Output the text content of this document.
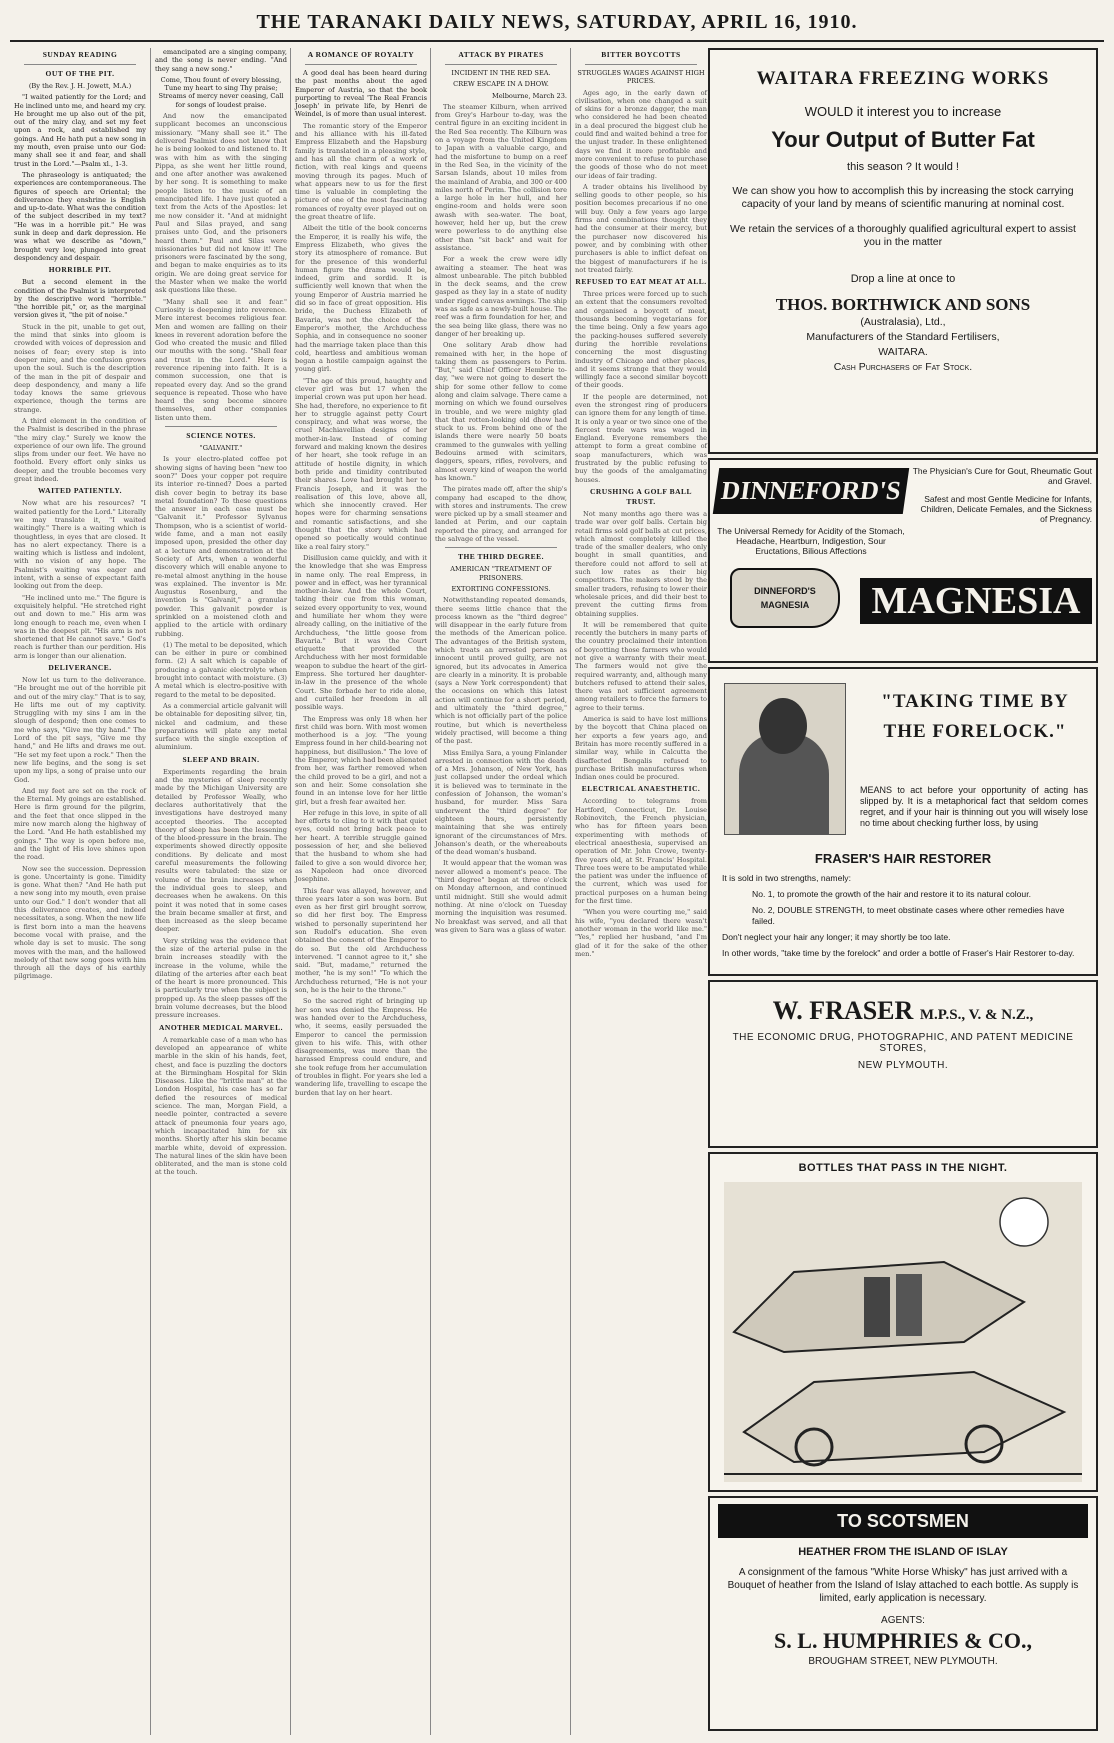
THE TARANAKI DAILY NEWS, SATURDAY, APRIL 16, 1910.
SUNDAY READING
OUT OF THE PIT.
(By the Rev. J. H. Jowett, M.A.)

"I waited patiently for the Lord; and He inclined unto me, and heard my cry. He brought me up also out of the pit, out of the miry clay, and set my feet upon a rock, and established my goings. And He hath put a new song in my mouth, even praise unto our God: many shall see it and fear, and shall trust in the Lord."—Psalm xl., 1-3.

The phraseology is antiquated; the experiences are contemporaneous. The figures of speech are Oriental; the deliverance they enshrine is English and up-to-date. What was the condition of the subject described in my text? "He was in a horrible pit." He was sunk in deep and dark depression. He was what we describe as "down," brought very low, plunged into great despondency and despair.

HORRIBLE PIT.

But a second element in the condition of the Psalmist is interpreted by the descriptive word "horrible." "the horrible pit," or, as the marginal version gives it, "the pit of noise."

Stuck in the pit, unable to get out, the mind that sinks into gloom is crowded with voices of depression and noises of fear; every step is into deeper mire, and the confusion grows upon the soul. Such is the description of the man in the pit of despair and deep despondency, and many a life today knows the same grievous experience, though the terms are strange.

A third element in the condition of the Psalmist is described in the phrase "the miry clay." Surely we know the experience of our own life. The ground slips from under our feet. We have no foothold. Every effort only sinks us deeper, and the trouble becomes very great indeed.

WAITED PATIENTLY.

Now what are his resources? "I waited patiently for the Lord." Literally we may translate it, "I waited waitingly." There is a waiting which is thoughtless, in eyes that are closed. It has no alert expectancy. There is a waiting which is listless and indolent, with no vision of any hope. The Psalmist's waiting was eager and intent, with a sense of expectant faith looking out from the deep.

"He inclined unto me." The figure is exquisitely helpful. "He stretched right out and down to me." His arm was long enough to reach me, even when I was in the deepest pit. "His arm is not shortened that He cannot save." God's reach is further than our perdition. His arm is longer than our alienation.

DELIVERANCE.

Now let us turn to the deliverance. "He brought me out of the horrible pit and out of the miry clay." That is to say, He lifts me out of my captivity. Struggling with my sins I am in the slough of despond; then one comes to me who says, "Give me thy hand." The Lord of the pit says, "Give me thy hand," and He lifts and draws me out. "He set my feet upon a rock." Then the new life begins, and the song is set upon my lips, a song of praise unto our God.

And my feet are set on the rock of the Eternal. My goings are established. Here is firm ground for the pilgrim, and the feet that once slipped in the mire now march along the highway of the Lord. "And He hath established my goings." The way is open before me, and the light of His love shines upon the road.

Now see the succession. Depression is gone. Uncertainty is gone. Timidity is gone. What then? "And He hath put a new song into my mouth, even praise unto our God." I don't wonder that all this deliverance creates, and indeed necessitates, a song. When the new life is first born into a man the heavens become vocal with praise, and the whole day is set to music. The song moves with the man, and the hallowed melody of that new song goes with him through all the days of his earthly pilgrimage.

emancipated are a singing company, and the song is never ending. "And they sang a new song."

Come, Thou fount of every blessing, Tune my heart to sing Thy praise; Streams of mercy never ceasing, Call for songs of loudest praise.

And now the emancipated supplicant becomes an unconscious missionary. "Many shall see it." The delivered Psalmist does not know that he is being looked to and listened to. It was with him as with the singing Pippa, as she went her little round, and one after another was awakened by her song. It is something to make people listen to the music of an emancipated life. I have just quoted a text from the Acts of the Apostles: let me now consider it. "And at midnight Paul and Silas prayed, and sang praises unto God, and the prisoners heard them." Paul and Silas were missionaries but did not know it! The prisoners were fascinated by the song, and began to make enquiries as to its origin. We are doing great service for the Master when we make the world ask questions like these.

"Many shall see it and fear." Curiosity is deepening into reverence. Mere interest becomes religious fear. Men and women are falling on their knees in reverent adoration before the God who created the music and filled our mouths with the song. "Shall fear and trust in the Lord." Here is reverence ripening into faith. It is a common succession, one that is repeated every day. And so the grand sequence is repeated. Those who have heard the song become sincere themselves, and other companies listen unto them.

SCIENCE NOTES.
"GALVANIT."

Is your electro-plated coffee pot showing signs of having been "new too soon?" Does your copper pot require its interior re-tinned? Does a parted dish cover begin to betray its base metal foundation? To these questions the answer in each case must be "Galvanit it." Professor Sylvanus Thompson, who is a scientist of world-wide fame, and a man not easily imposed upon, presided the other day at a lecture and demonstration at the Society of Arts, when a wonderful discovery which will enable anyone to re-metal almost anything in the house was explained. The inventor is Mr. Augustus Rosenburg, and the invention is "Galvanit," a granular powder. This galvanit powder is sprinkled on a moistened cloth and applied to the article with ordinary rubbing.

(1) The metal to be deposited, which can be either in pure or combined form. (2) A salt which is capable of producing a galvanic electrolyte when brought into contact with moisture. (3) A metal which is electro-positive with regard to the metal to be deposited.

As a commercial article galvanit will be obtainable for depositing silver, tin, nickel and cadmium, and these preparations will plate any metal surface with the single exception of aluminium.

SLEEP AND BRAIN.

Experiments regarding the brain and the mysteries of sleep recently made by the Michigan University are detailed by Professor Weally, who declares authoritatively that the investigations have destroyed many accepted theories. The accepted theory of sleep has been the lessening of the blood-pressure in the brain. The experiments showed directly opposite conditions. By delicate and most careful measurements the following results were tabulated: the size or volume of the brain increases when the individual goes to sleep, and decreases when he awakens. On this point it was noted that in some cases the brain became smaller at first, and then increased as the sleep became deeper.

Very striking was the evidence that the size of the arterial pulse in the brain increases steadily with the increase in the volume, while the dilating of the arteries after each beat of the heart is more pronounced. This is particularly true when the subject is propped up. As the sleep passes off the brain volume decreases, but the blood pressure increases.

ANOTHER MEDICAL MARVEL.

A remarkable case of a man who has developed an appearance of white marble in the skin of his hands, feet, chest, and face is puzzling the doctors at the Birmingham Hospital for Skin Diseases. Like the "brittle man" at the London Hospital, his case has so far defied the resources of medical science. The man, Morgan Field, a needle pointer, contracted a severe attack of pneumonia four years ago, which incapacitated him for six months. Shortly after his skin became marble white, devoid of expression. The natural lines of the skin have been obliterated, and the man is stone cold at the touch.

A ROMANCE OF ROYALTY

A good deal has been heard during the past months about the aged Emperor of Austria, so that the book purporting to reveal 'The Real Francis Joseph' in private life, by Henri de Weindel, is of more than usual interest.

The romantic story of the Emperor and his alliance with his ill-fated Empress Elizabeth and the Hapsburg family is translated in a pleasing style, and has all the charm of a work of fiction, with real kings and queens moving through its pages. Much of what appears new to us for the first time is valuable in completing the picture of one of the most fascinating romances of royalty ever played out on the great theatre of life.

Albeit the title of the book concerns the Emperor, it is really his wife, the Empress Elizabeth, who gives the story its atmosphere of romance. But for the presence of this wonderful human figure the drama would be, indeed, grim and sordid. It is sufficiently well known that when the young Emperor of Austria married he did so in face of great opposition. His bride, the Duchess Elizabeth of Bavaria, was not the choice of the Emperor's mother, the Archduchess Sophia, and in consequence no sooner had the marriage taken place than this cold, heartless and ambitious woman began a hostile campaign against the young girl.

"The age of this proud, haughty and clever girl was but 17 when the imperial crown was put upon her head. She had, therefore, no experience to fit her to struggle against petty Court conspiracy, and what was worse, the cruel Machiavellian designs of her mother-in-law. Instead of coming forward and making known the desires of her heart, she took refuge in an attitude of hostile dignity, in which both pride and timidity contributed their shares. Love had brought her to Francis Joseph, and it was the realisation of this love, above all, which she innocently craved. Her hopes were for charming sensations and romantic satisfactions, and she thought that the story which had opened so poetically would continue like a real fairy story."

Disillusion came quickly, and with it the knowledge that she was Empress in name only. The real Empress, in power and in effect, was her tyrannical mother-in-law. And the whole Court, taking their cue from this woman, seized every opportunity to vex, wound and humiliate her whom they were already calling, on the initiative of the Archduchess, "the little goose from Bavaria." But it was the Court etiquette that provided the Archduchess with her most formidable weapon to subdue the heart of the girl-Empress. She tortured her daughter-in-law in the presence of the whole Court. She forbade her to ride alone, and curtailed her freedom in all possible ways.

The Empress was only 18 when her first child was born. With most women motherhood is a joy. "The young Empress found in her child-bearing not happiness, but disillusion." The love of the Emperor, which had been alienated from her, was farther removed when the child proved to be a girl, and not a son and heir. Some consolation she found in an intense love for her little girl, but a fresh fear awaited her.

Her refuge in this love, in spite of all her efforts to cling to it with that quiet eyes, could not bring back peace to her heart. A terrible struggle gained possession of her, and she believed that the husband to whom she had failed to give a son would divorce her, as Napoleon had once divorced Josephine.

This fear was allayed, however, and three years later a son was born. But even as her first girl brought sorrow, so did her first boy. The Empress wished to personally superintend her son Rudolf's education. She even obtained the consent of the Emperor to do so. But the old Archduchess intervened. "I cannot agree to it," she said. "But, madame," returned the mother, "he is my son!" "To which the Archduchess returned, "He is not your son, he is the heir to the throne."

So the sacred right of bringing up her son was denied the Empress. He was handed over to the Archduchess, who, it seems, easily persuaded the Emperor to cancel the permission given to his wife. This, with other disagreements, was more than the harassed Empress could endure, and she took refuge from her accumulation of troubles in flight. For years she led a wandering life, travelling to escape the burden that lay on her heart.

ATTACK BY PIRATES
INCIDENT IN THE RED SEA.
CREW ESCAPE IN A DHOW.
Melbourne, March 23.

The steamer Kilburn, when arrived from Grey's Harbour to-day, was the central figure in an exciting incident in the Red Sea recently. The Kilburn was on a voyage from the United Kingdom to Japan with a valuable cargo, and had the misfortune to bump on a reef in the Red Sea, in the vicinity of the Sarsan Islands, about 10 miles from the mainland of Arabia, and 300 or 400 miles north of Perim. The collision tore a large hole in her hull, and her engine-room and holds were soon awash with sea-water. The boat, however, held her up, but the crew were powerless to do anything else other than "sit back" and wait for assistance.

For a week the crew were idly awaiting a steamer. The heat was almost unbearable. The pitch bubbled in the deck seams, and the crew gasped as they lay in a state of nudity under rigged canvas awnings. The ship was as safe as a newly-built house. The reef was a firm foundation for her, and the sea being like glass, there was no danger of her breaking up.

One solitary Arab dhow had remained with her, in the hope of taking them as passengers to Perim. "But," said Chief Officer Hembrie to-day, "we were not going to desert the ship for some other fellow to come along and claim salvage. There came a morning on which we found ourselves in trouble, and we were mighty glad that that rotten-looking old dhow had stuck to us. From behind one of the islands there were nearly 50 boats crammed to the gunwales with yelling Bedouins armed with scimitars, daggers, spears, rifles, revolvers, and almost every kind of weapon the world has known."

The pirates made off, after the ship's company had escaped to the dhow, with stores and instruments. The crew were picked up by a small steamer and landed at Perim, and our captain reported the piracy, and arranged for the salvage of the vessel.

THE THIRD DEGREE.
AMERICAN "TREATMENT OF PRISONERS.
EXTORTING CONFESSIONS.

Notwithstanding repeated demands, there seems little chance that the process known as the "third degree" will disappear in the early future from the methods of the American police. The advantages of the British system, which treats an arrested person as innocent until proved guilty, are not ignored, but its advocates in America are clearly in a minority. It is probable (says a New York correspondent) that the occasions on which this latest action will continue for a short period, and ultimately the "third degree," which is not officially part of the police routine, but which is nevertheless widely practised, will become a thing of the past.

Miss Emilya Sara, a young Finlander arrested in connection with the death of a Mrs. Johanson, of New York, has just collapsed under the ordeal which it is believed was to terminate in the confession of Johanson, the woman's husband, for murder. Miss Sara underwent the "third degree" for eighteen hours, persistently maintaining that she was entirely ignorant of the circumstances of Mrs. Johanson's death, or the whereabouts of the dead woman's husband.

It would appear that the woman was never allowed a moment's peace. The "third degree" began at three o'clock on Monday afternoon, and continued until midnight. Still she would admit nothing. At nine o'clock on Tuesday morning the inquisition was resumed. No breakfast was served, and all that was given to Sara was a glass of water.

BITTER BOYCOTTS
STRUGGLES WAGES AGAINST HIGH PRICES.

Ages ago, in the early dawn of civilisation, when one changed a suit of skins for a bronze dagger, the man who considered he had been cheated in a deal procured the biggest club he could find and waited behind a tree for the unjust trader. In these enlightened days we find it more profitable and more convenient to refuse to purchase the goods of those who do not meet our ideas of fair trading.

A trader obtains his livelihood by selling goods to other people, so his position becomes precarious if no one will buy. Only a few years ago large firms and combinations thought they had the consumer at their mercy, but the purchaser now discovered his power, and by combining with other purchasers is able to inflict defeat on the biggest of manufacturers if he is not treated fairly.

REFUSED TO EAT MEAT AT ALL.

Three prices were forced up to such an extent that the consumers revolted and organised a boycott of meat, thousands becoming vegetarians for the time being. Only a few years ago the packing-houses suffered severely during the horrible revelations concerning the most disgusting industry of Chicago and other places, and it seems strange that they would willingly face a second similar boycott of their goods.

If the people are determined, not even the strongest ring of producers can ignore them for any length of time. It is only a year or two since one of the fiercest trade wars was waged in England. Everyone remembers the attempt to form a great combine of soap manufacturers, which was frustrated by the public refusing to buy the goods of the amalgamating houses.

CRUSHING A GOLF BALL TRUST.

Not many months ago there was a trade war over golf balls. Certain big retail firms sold golf balls at cut prices, which almost completely killed the trade of the smaller dealers, who only bought in small quantities, and therefore could not afford to sell at such low rates as their big competitors. The makers stood by the smaller traders, refusing to lower their wholesale prices, and did their best to prevent the cutting firms from obtaining supplies.

It will be remembered that quite recently the butchers in many parts of the country proclaimed their intention of boycotting those farmers who would not give a warranty with their meat. The farmers would not give the required warranty, and, although many butchers refused to attend their sales, there was not sufficient agreement among retailers to force the farmers to agree to their terms.

America is said to have lost millions by the boycott that China placed on her exports a few years ago, and Britain has more recently suffered in a similar way, while in Calcutta the disaffected Bengalis refused to purchase British manufactures when Indian ones could be procured.

ELECTRICAL ANAESTHETIC.

According to telegrams from Hartford, Connecticut, Dr. Louise Robinovitch, the French physician, who has for fifteen years been experimenting with methods of electrical anaesthesia, supervised an operation of Mr. John Crowe, twenty-five years old, at St. Francis' Hospital. Three toes were to be amputated while the patient was under the influence of the current, which was used for practical purposes on a human being for the first time.

"When you were courting me," said his wife, "you declared there wasn't another woman in the world like me." "Yes," replied her husband, "and I'm glad of it for the sake of the other men."

WAITARA FREEZING WORKS
WOULD it interest you to increase
Your Output of Butter Fat
this season ? It would !
We can show you how to accomplish this by increasing the stock carrying capacity of your land by means of scientific manuring at nominal cost.
We retain the services of a thoroughly qualified agricultural expert to assist you in the matter
Drop a line at once to
THOS. BORTHWICK AND SONS
(Australasia), Ltd.,
Manufacturers of the Standard Fertilisers,
WAITARA.
Cash Purchasers of Fat Stock.
DINNEFORD'S
The Physician's Cure for Gout, Rheumatic Gout and Gravel.
Safest and most Gentle Medicine for Infants, Children, Delicate Females, and the Sickness of Pregnancy.
The Universal Remedy for Acidity of the Stomach, Headache, Heartburn, Indigestion, Sour Eructations, Bilious Affections
DINNEFORD'S MAGNESIA	MAGNESIA
"TAKING TIME BY THE FORELOCK."
MEANS to act before your opportunity of acting has slipped by. It is a metaphorical fact that seldom comes regret, and if your hair is thinning out you will wisely lose no time about checking further loss, by using
FRASER'S HAIR RESTORER
It is sold in two strengths, namely:
No. 1, to promote the growth of the hair and restore it to its natural colour.
No. 2, DOUBLE STRENGTH, to meet obstinate cases where other remedies have failed.
Don't neglect your hair any longer; it may shortly be too late.
In other words, "take time by the forelock" and order a bottle of Fraser's Hair Restorer to-day.
W. FRASER M.P.S., V. & N.Z.,
THE ECONOMIC DRUG, PHOTOGRAPHIC, AND PATENT MEDICINE STORES,
NEW PLYMOUTH.
BOTTLES THAT PASS IN THE NIGHT.
TO SCOTSMEN
HEATHER FROM THE ISLAND OF ISLAY
A consignment of the famous "White Horse Whisky" has just arrived with a Bouquet of heather from the Island of Islay attached to each bottle. As supply is limited, early application is necessary.
AGENTS:
S. L. HUMPHRIES & CO.,
BROUGHAM STREET, NEW PLYMOUTH.
